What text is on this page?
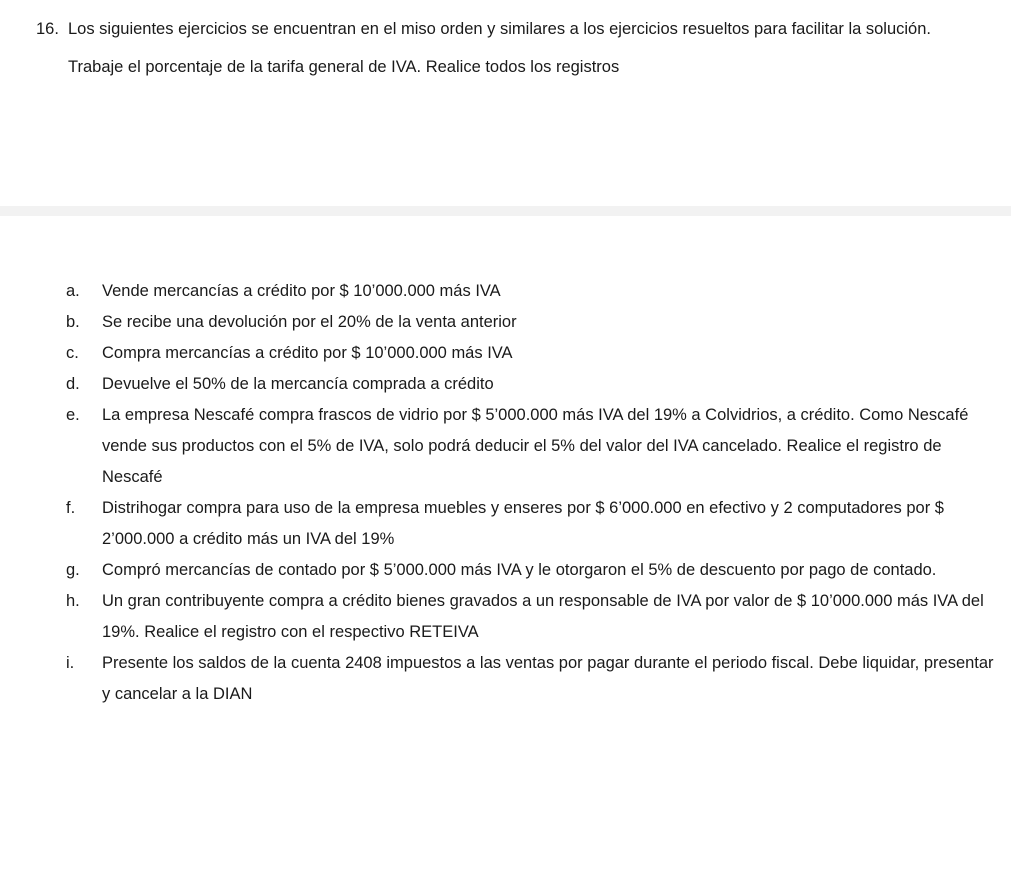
16. Los siguientes ejercicios se encuentran en el miso orden y similares a los ejercicios resueltos para facilitar la solución. Trabaje el porcentaje de la tarifa general de IVA. Realice todos los registros
a.	Vende mercancías a crédito por $ 10’000.000 más IVA
b.	Se recibe una devolución por el 20% de la venta anterior
c.	Compra mercancías a crédito por $ 10’000.000 más IVA
d.	Devuelve el 50% de la mercancía comprada a crédito
e.	La empresa Nescafé compra frascos de vidrio por $ 5’000.000 más IVA del 19% a Colvidrios, a crédito. Como Nescafé vende sus productos con el 5% de IVA, solo podrá deducir el 5% del valor del IVA cancelado. Realice el registro de Nescafé
f.	Distrihogar compra para uso de la empresa muebles y enseres por $ 6’000.000 en efectivo y 2 computadores por $ 2’000.000 a crédito más un IVA del 19%
g.	Compró mercancías de contado por $ 5’000.000 más IVA y le otorgaron el 5% de descuento por pago de contado.
h.	Un gran contribuyente compra a crédito bienes gravados a un responsable de IVA por valor de $ 10’000.000 más IVA del 19%. Realice el registro con el respectivo RETEIVA
i.	Presente los saldos de la cuenta 2408 impuestos a las ventas por pagar durante el periodo fiscal. Debe liquidar, presentar y cancelar a la DIAN
